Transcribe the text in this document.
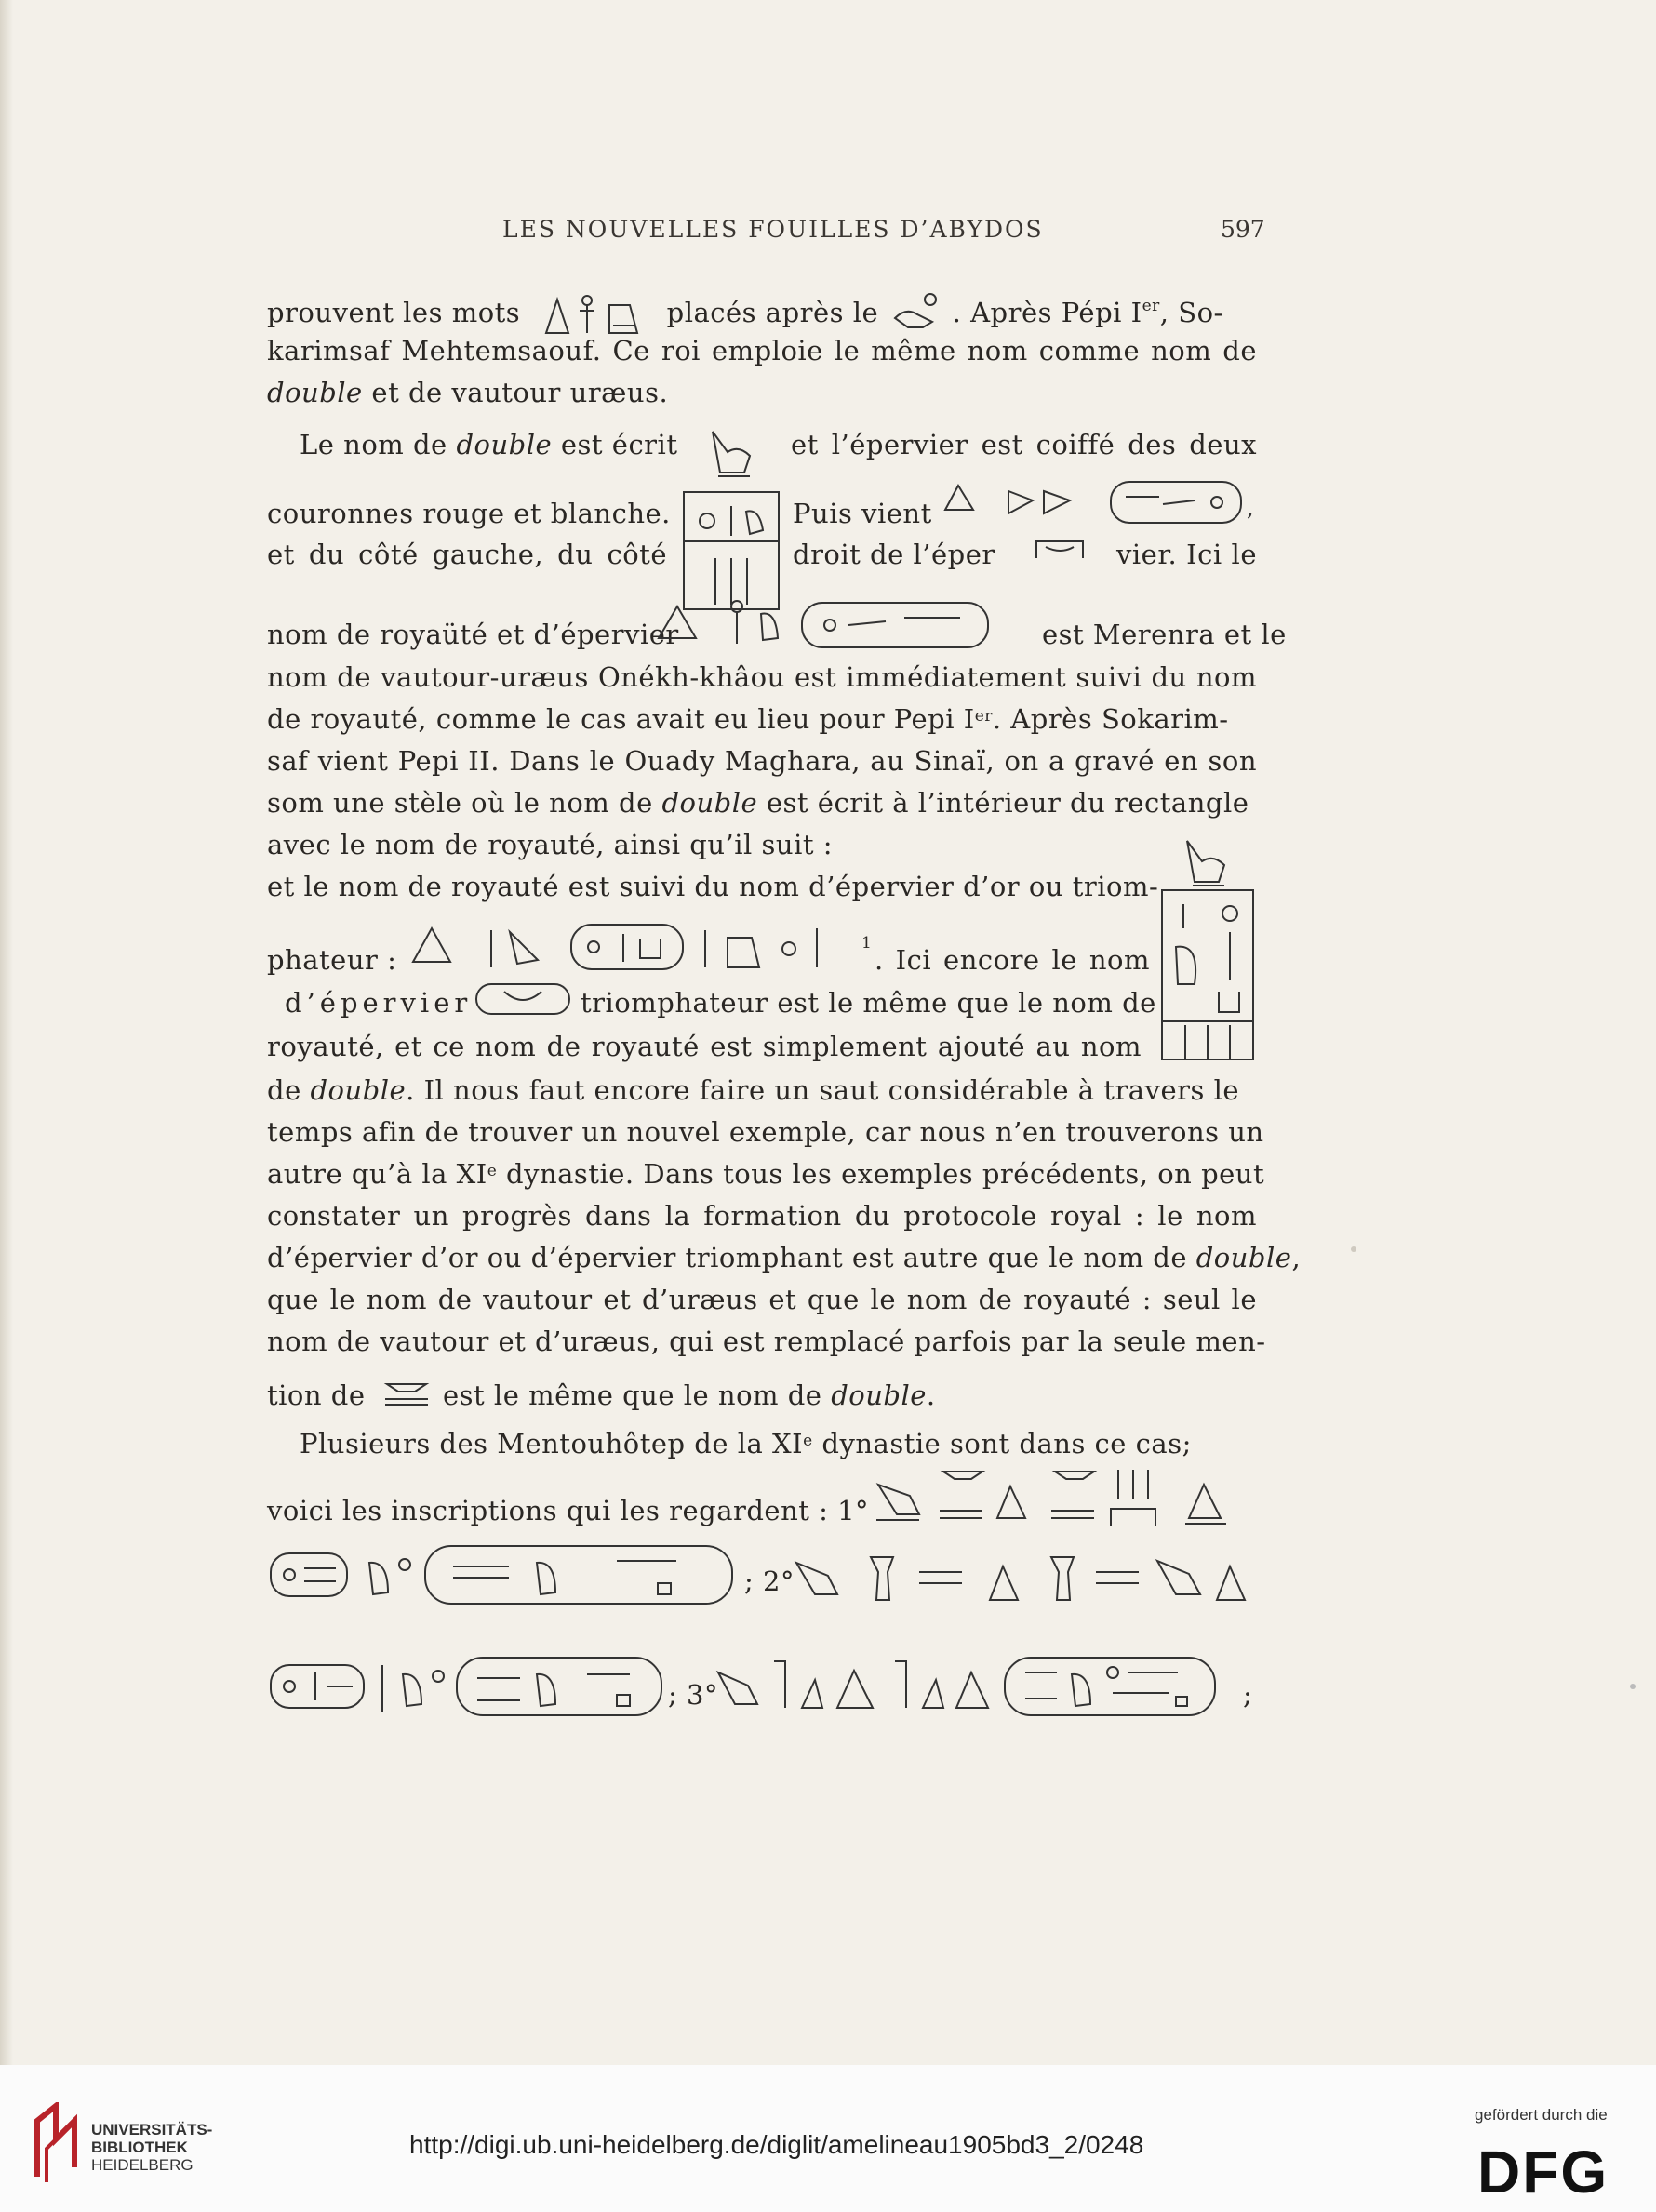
LES NOUVELLES FOUILLES D’ABYDOS	597
prouvent les mots	placés après le	. Après Pépi Ier, So-
karimsaf Mehtemsaouf. Ce roi emploie le même nom comme nom de
double et de vautour uræus.
Le nom de double est écrit	et l’épervier est coiffé des deux
couronnes rouge et blanche.	Puis vient	,
et du côté gauche, du côté	droit de l’éper	vier. Ici le
nom de royaüté et d’épervier	est Merenra et le
nom de vautour-uræus Onékh-khâou est immédiatement suivi du nom
de royauté, comme le cas avait eu lieu pour Pepi Ier. Après Sokarim-
saf vient Pepi II. Dans le Ouady Maghara, au Sinaï, on a gravé en son
som une stèle où le nom de double est écrit à l’intérieur du rectangle
avec le nom de royauté, ainsi qu’il suit :
et le nom de royauté est suivi du nom d’épervier d’or ou triom-
phateur :
1
. Ici encore le nom
d’épervier	triomphateur est le même que le nom de
royauté, et ce nom de royauté est simplement ajouté au nom
de double. Il nous faut encore faire un saut considérable à travers le
temps afin de trouver un nouvel exemple, car nous n’en trouverons un
autre qu’à la XIe dynastie. Dans tous les exemples précédents, on peut
constater un progrès dans la formation du protocole royal : le nom
d’épervier d’or ou d’épervier triomphant est autre que le nom de double,
que le nom de vautour et d’uræus et que le nom de royauté : seul le
nom de vautour et d’uræus, qui est remplacé parfois par la seule men-
tion de	est le même que le nom de double.
Plusieurs des Mentouhôtep de la XIe dynastie sont dans ce cas;
voici les inscriptions qui les regardent : 1°
; 2°
; 3°	;
UNIVERSITÄTS-
BIBLIOTHEK
HEIDELBERG
http://digi.ub.uni-heidelberg.de/diglit/amelineau1905bd3_2/0248
gefördert durch die
DFG
